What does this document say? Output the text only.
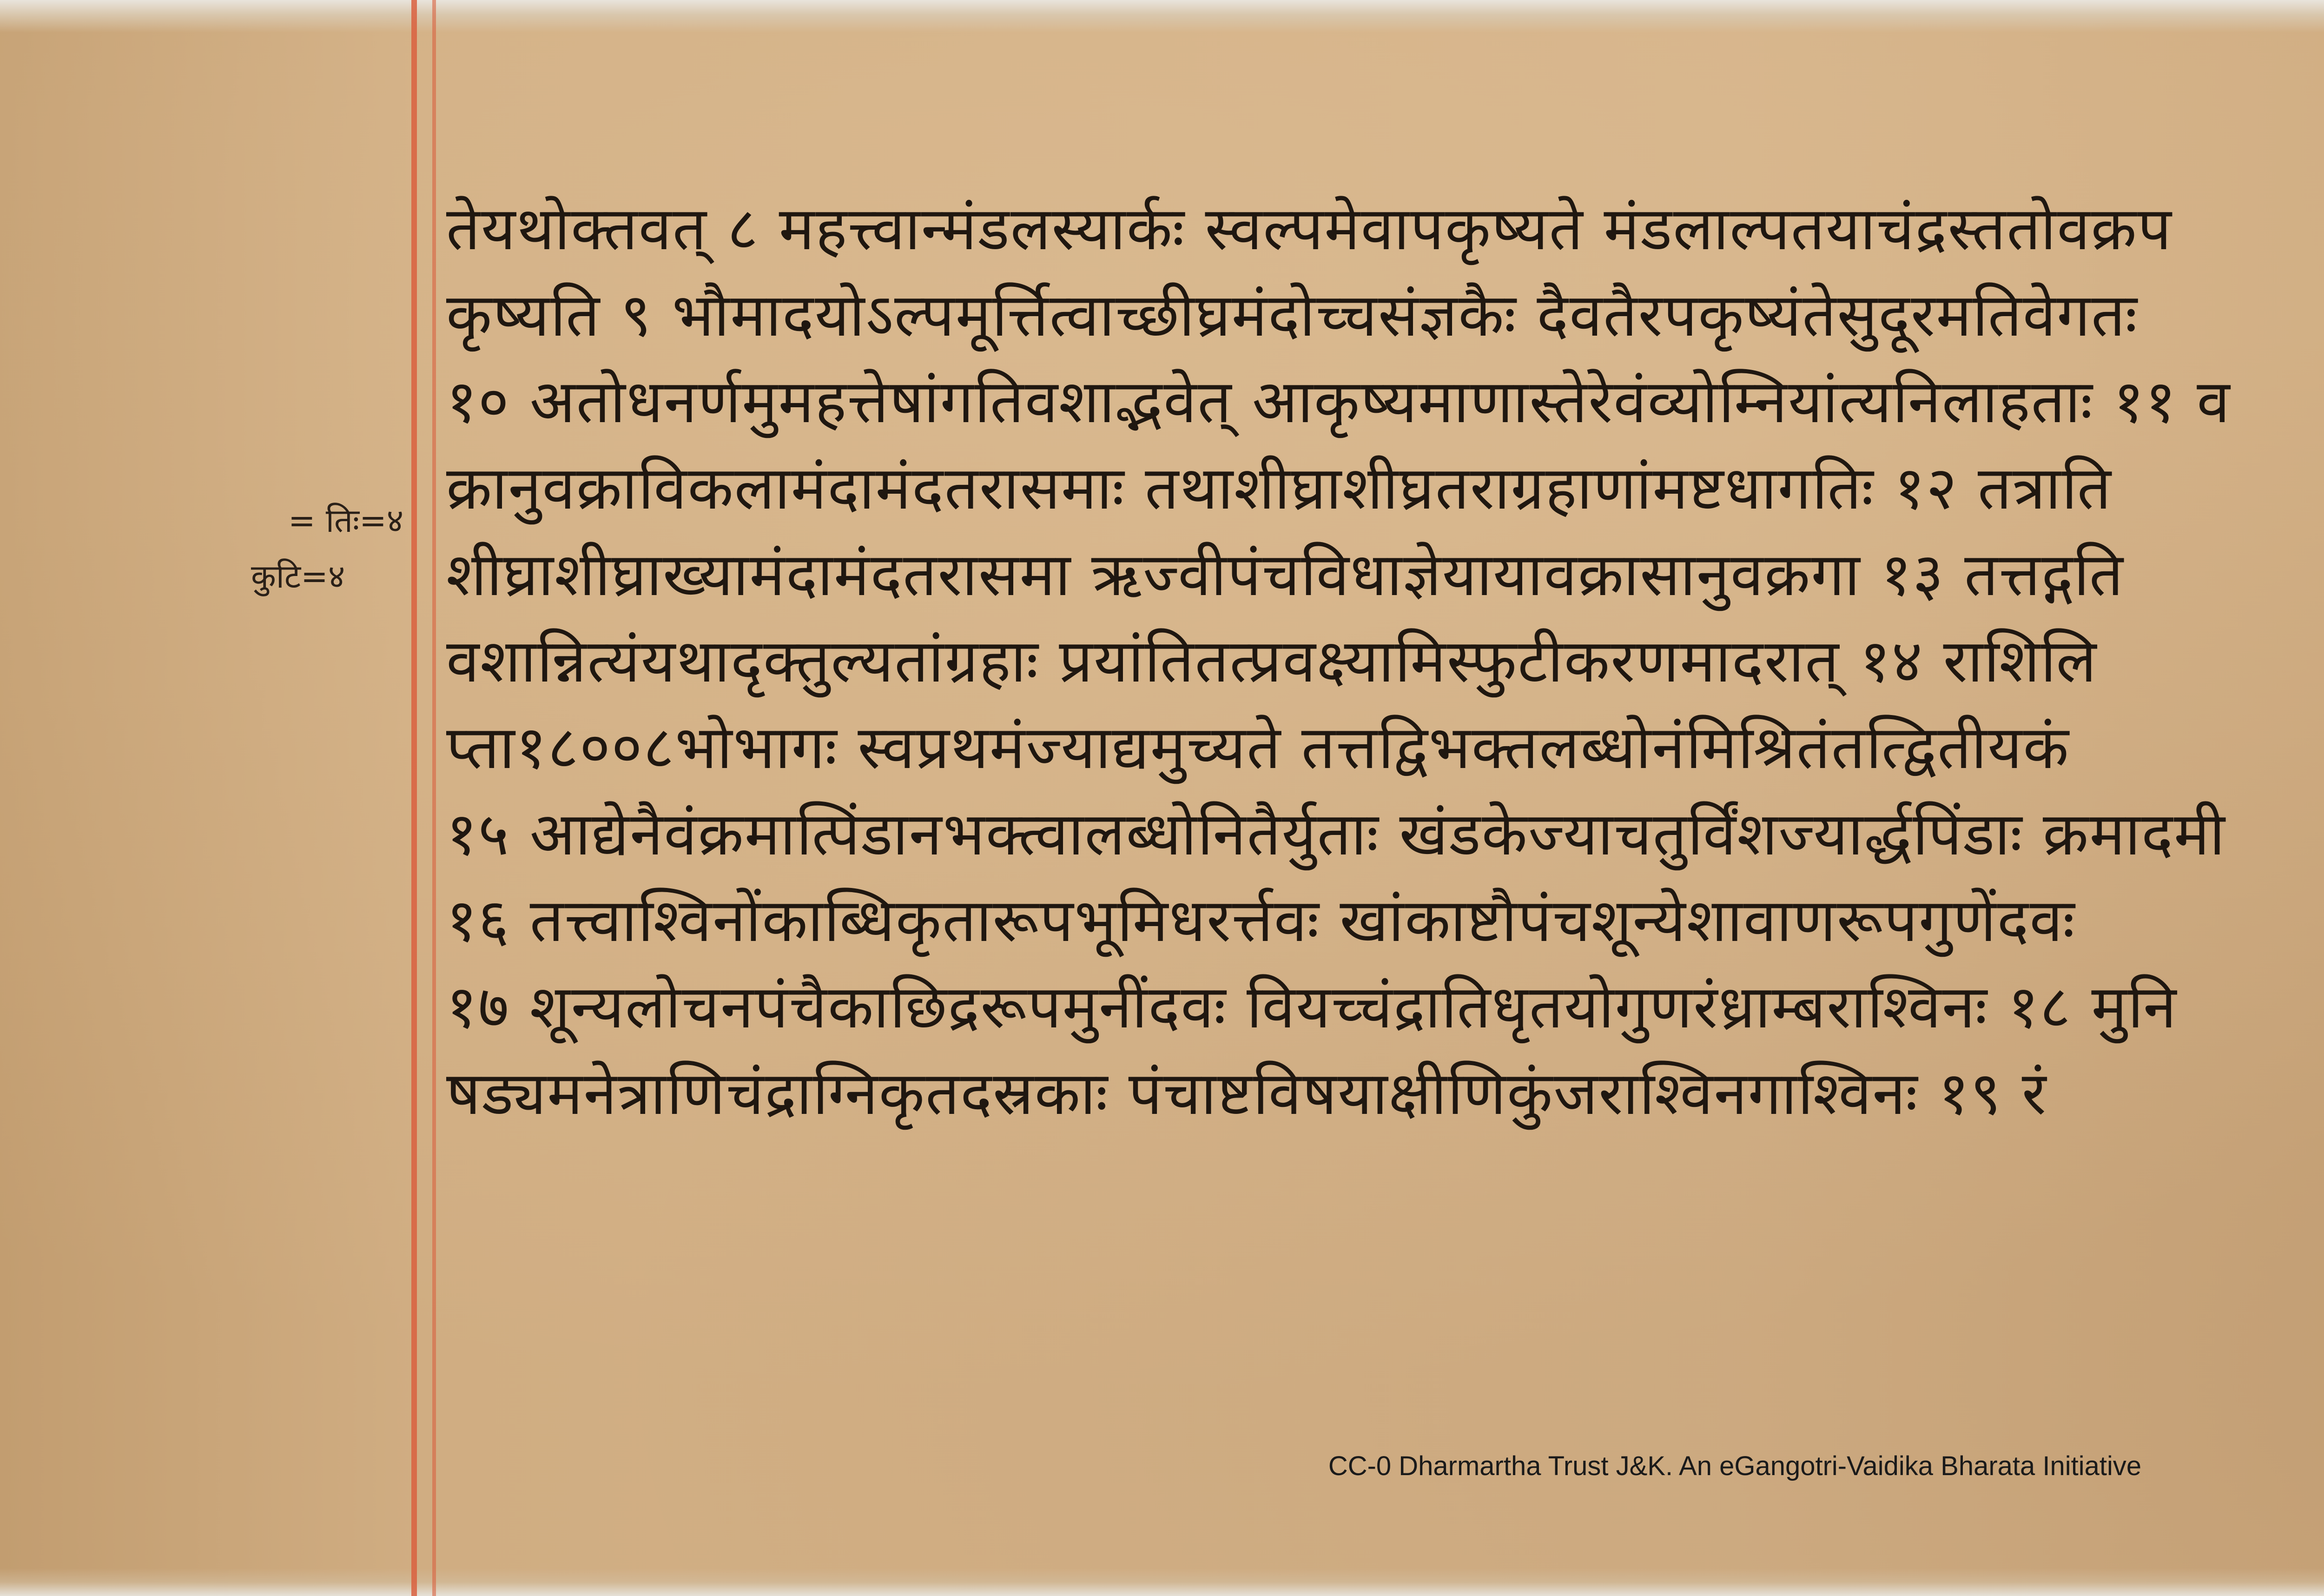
= तिः=४
कुटि=४
तेयथोक्तवत् ८ महत्त्वान्मंडलस्यार्कः स्वल्पमेवापकृष्यते मंडलाल्पतयाचंद्रस्ततोवक्रप
कृष्यति ९ भौमादयोऽल्पमूर्त्तित्वाच्छीघ्रमंदोच्चसंज्ञकैः दैवतैरपकृष्यंतेसुदूरमतिवेगतः
१० अतोधनर्णमुमहत्तेषांगतिवशाद्भवेत् आकृष्यमाणास्तेरेवंव्योम्नियांत्यनिलाहताः ११ व
क्रानुवक्राविकलामंदामंदतरासमाः तथाशीघ्राशीघ्रतराग्रहाणांमष्टधागतिः १२ तत्राति
शीघ्राशीघ्राख्यामंदामंदतरासमा ऋज्वीपंचविधाज्ञेयायावक्रासानुवक्रगा १३ तत्तद्गति
वशान्नित्यंयथादृक्तुल्यतांग्रहाः प्रयांतितत्प्रवक्ष्यामिस्फुटीकरणमादरात् १४ राशिलि
प्ता१८००८भोभागः स्वप्रथमंज्याद्यमुच्यते तत्तद्विभक्तलब्धोनंमिश्रितंतत्द्वितीयकं
१५ आद्येनैवंक्रमात्पिंडानभक्त्वालब्धोनितैर्युताः खंडकेज्याचतुर्विंशज्यार्द्धपिंडाः क्रमादमी
१६ तत्त्वाश्विनोंकाब्धिकृतारूपभूमिधरर्त्तवः खांकाष्टौपंचशून्येशावाणरूपगुणेंदवः
१७ शून्यलोचनपंचैकाछिद्ररूपमुनींदवः वियच्चंद्रातिधृतयोगुणरंध्राम्बराश्विनः १८ मुनि
षड्यमनेत्राणिचंद्राग्निकृतदस्रकाः पंचाष्टविषयाक्षीणिकुंजराश्विनगाश्विनः १९ रं
CC-0 Dharmartha Trust J&K. An eGangotri-Vaidika Bharata Initiative
